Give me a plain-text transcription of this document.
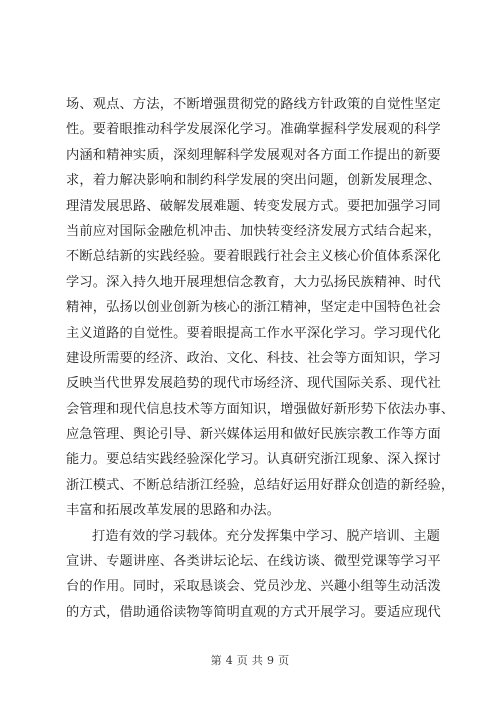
场、观点、方法，不断增强贯彻党的路线方针政策的自觉性坚定
性。要着眼推动科学发展深化学习。准确掌握科学发展观的科学
内涵和精神实质，深刻理解科学发展观对各方面工作提出的新要
求，着力解决影响和制约科学发展的突出问题，创新发展理念、
理清发展思路、破解发展难题、转变发展方式。要把加强学习同
当前应对国际金融危机冲击、加快转变经济发展方式结合起来，
不断总结新的实践经验。要着眼践行社会主义核心价值体系深化
学习。深入持久地开展理想信念教育，大力弘扬民族精神、时代
精神，弘扬以创业创新为核心的浙江精神，坚定走中国特色社会
主义道路的自觉性。要着眼提高工作水平深化学习。学习现代化
建设所需要的经济、政治、文化、科技、社会等方面知识，学习
反映当代世界发展趋势的现代市场经济、现代国际关系、现代社
会管理和现代信息技术等方面知识，增强做好新形势下依法办事、
应急管理、舆论引导、新兴媒体运用和做好民族宗教工作等方面
能力。要总结实践经验深化学习。认真研究浙江现象、深入探讨
浙江模式、不断总结浙江经验，总结好运用好群众创造的新经验，
丰富和拓展改革发展的思路和办法。
打造有效的学习载体。充分发挥集中学习、脱产培训、主题
宣讲、专题讲座、各类讲坛论坛、在线访谈、微型党课等学习平
台的作用。同时，采取恳谈会、党员沙龙、兴趣小组等生动活泼
的方式，借助通俗读物等简明直观的方式开展学习。要适应现代
第 4 页 共 9 页
